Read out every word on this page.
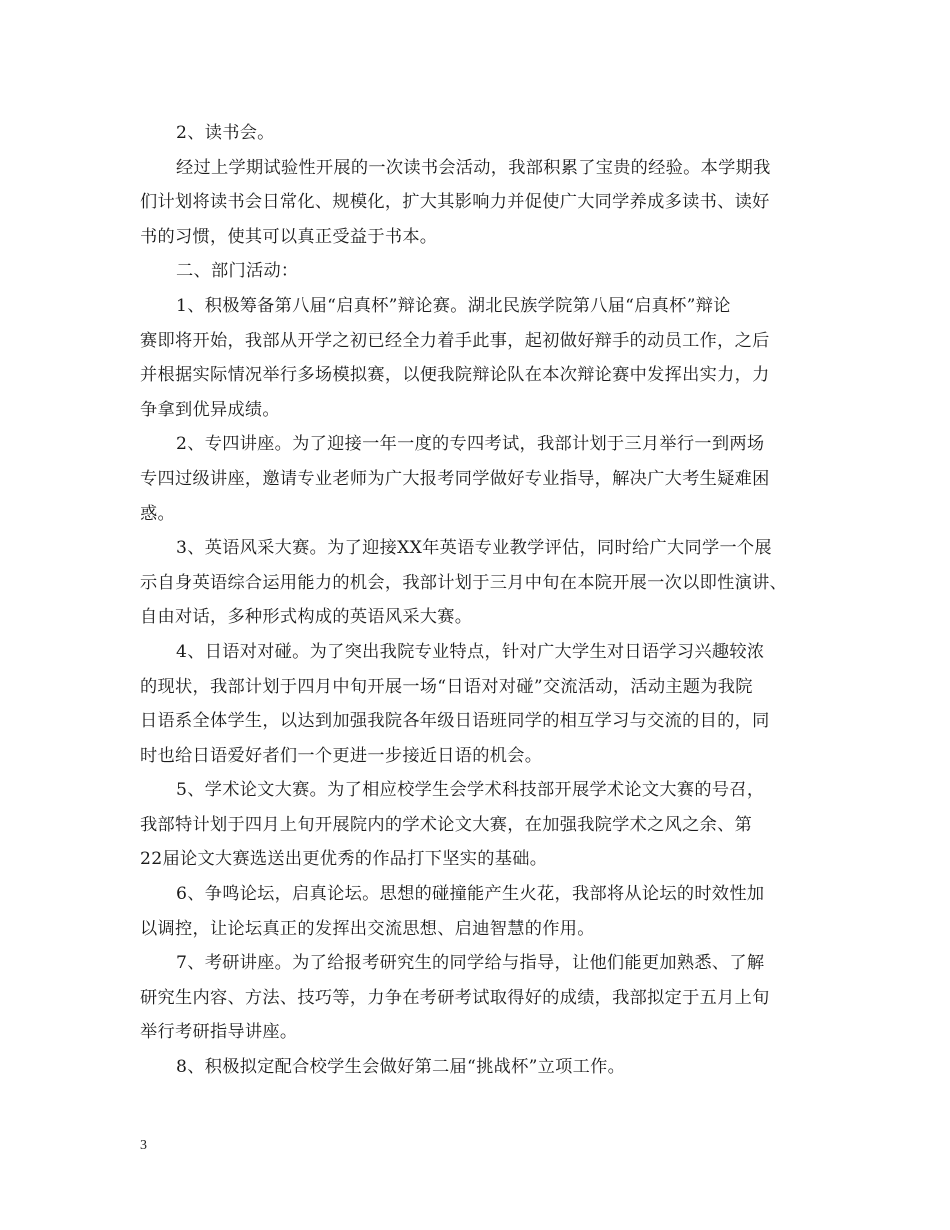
2、读书会。
经过上学期试验性开展的一次读书会活动，我部积累了宝贵的经验。本学期我
们计划将读书会日常化、规模化，扩大其影响力并促使广大同学养成多读书、读好
书的习惯，使其可以真正受益于书本。
二、部门活动：
1、积极筹备第八届“启真杯”辩论赛。湖北民族学院第八届“启真杯”辩论
赛即将开始，我部从开学之初已经全力着手此事，起初做好辩手的动员工作，之后
并根据实际情况举行多场模拟赛，以便我院辩论队在本次辩论赛中发挥出实力，力
争拿到优异成绩。
2、专四讲座。为了迎接一年一度的专四考试，我部计划于三月举行一到两场
专四过级讲座，邀请专业老师为广大报考同学做好专业指导，解决广大考生疑难困
惑。
3、英语风采大赛。为了迎接XX年英语专业教学评估，同时给广大同学一个展
示自身英语综合运用能力的机会，我部计划于三月中旬在本院开展一次以即性演讲、
自由对话，多种形式构成的英语风采大赛。
4、日语对对碰。为了突出我院专业特点，针对广大学生对日语学习兴趣较浓
的现状，我部计划于四月中旬开展一场“日语对对碰”交流活动，活动主题为我院
日语系全体学生，以达到加强我院各年级日语班同学的相互学习与交流的目的，同
时也给日语爱好者们一个更进一步接近日语的机会。
5、学术论文大赛。为了相应校学生会学术科技部开展学术论文大赛的号召，
我部特计划于四月上旬开展院内的学术论文大赛，在加强我院学术之风之余、第
22届论文大赛选送出更优秀的作品打下坚实的基础。
6、争鸣论坛，启真论坛。思想的碰撞能产生火花，我部将从论坛的时效性加
以调控，让论坛真正的发挥出交流思想、启迪智慧的作用。
7、考研讲座。为了给报考研究生的同学给与指导，让他们能更加熟悉、了解
研究生内容、方法、技巧等，力争在考研考试取得好的成绩，我部拟定于五月上旬
举行考研指导讲座。
8、积极拟定配合校学生会做好第二届“挑战杯”立项工作。
3
